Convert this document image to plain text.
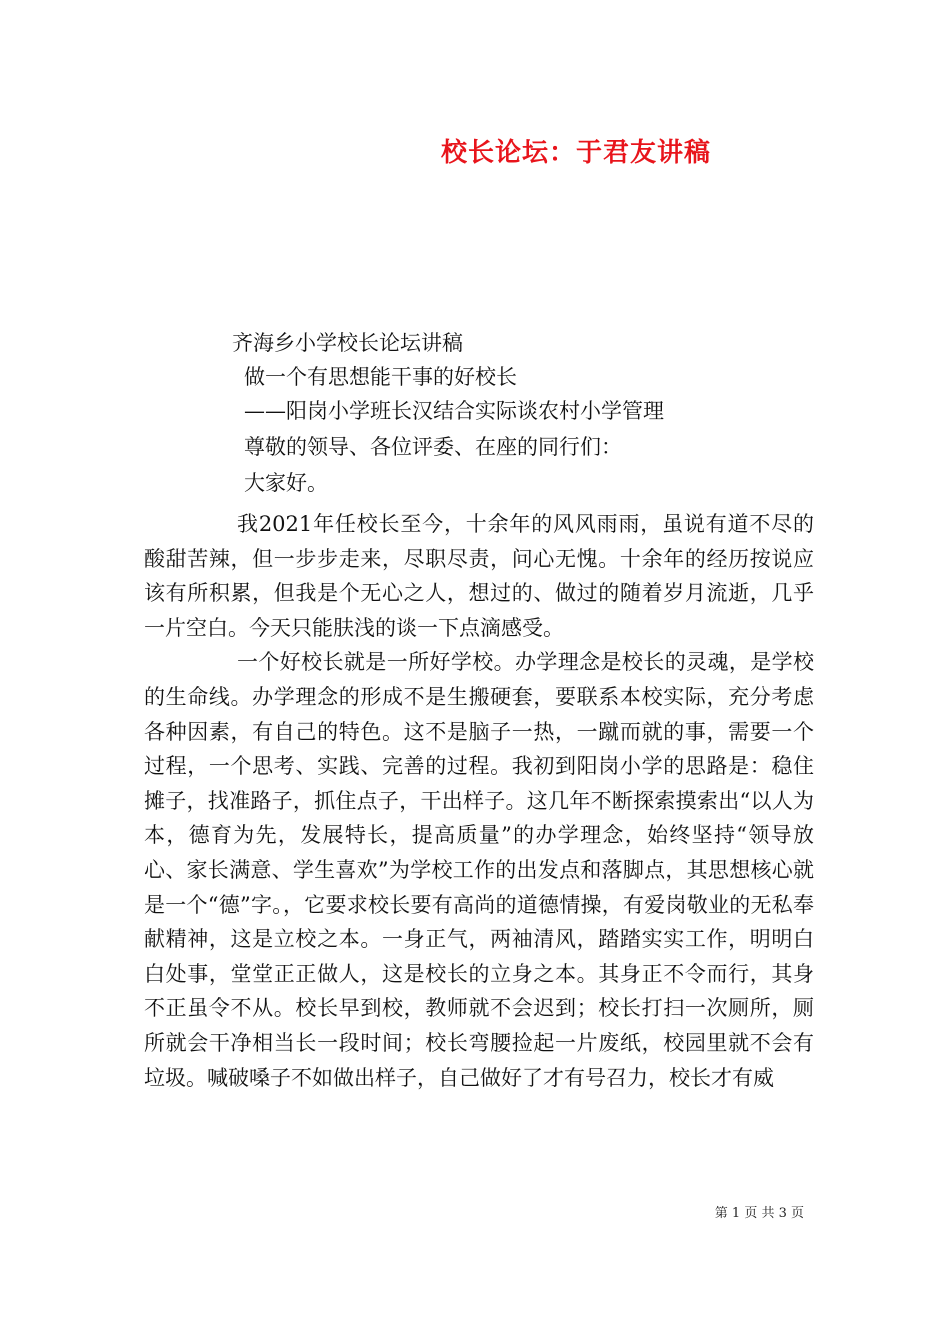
校长论坛：于君友讲稿
齐海乡小学校长论坛讲稿
做一个有思想能干事的好校长
——阳岗小学班长汉结合实际谈农村小学管理
尊敬的领导、各位评委、在座的同行们：
大家好。

我2021年任校长至今，十余年的风风雨雨，虽说有道不尽的酸甜苦辣，但一步步走来，尽职尽责，问心无愧。十余年的经历按说应该有所积累，但我是个无心之人，想过的、做过的随着岁月流逝，几乎一片空白。今天只能肤浅的谈一下点滴感受。

一个好校长就是一所好学校。办学理念是校长的灵魂，是学校的生命线。办学理念的形成不是生搬硬套，要联系本校实际，充分考虑各种因素，有自己的特色。这不是脑子一热，一蹴而就的事，需要一个过程，一个思考、实践、完善的过程。我初到阳岗小学的思路是：稳住摊子，找准路子，抓住点子，干出样子。这几年不断探索摸索出“以人为本，德育为先，发展特长，提高质量”的办学理念，始终坚持“领导放心、家长满意、学生喜欢”为学校工作的出发点和落脚点，其思想核心就是一个“德”字。，它要求校长要有高尚的道德情操，有爱岗敬业的无私奉献精神，这是立校之本。一身正气，两袖清风，踏踏实实工作，明明白白处事，堂堂正正做人，这是校长的立身之本。其身正不令而行，其身不正虽令不从。校长早到校，教师就不会迟到；校长打扫一次厕所，厕所就会干净相当长一段时间；校长弯腰捡起一片废纸，校园里就不会有垃圾。喊破嗓子不如做出样子，自己做好了才有号召力，校长才有威

第 1 页 共 3 页
